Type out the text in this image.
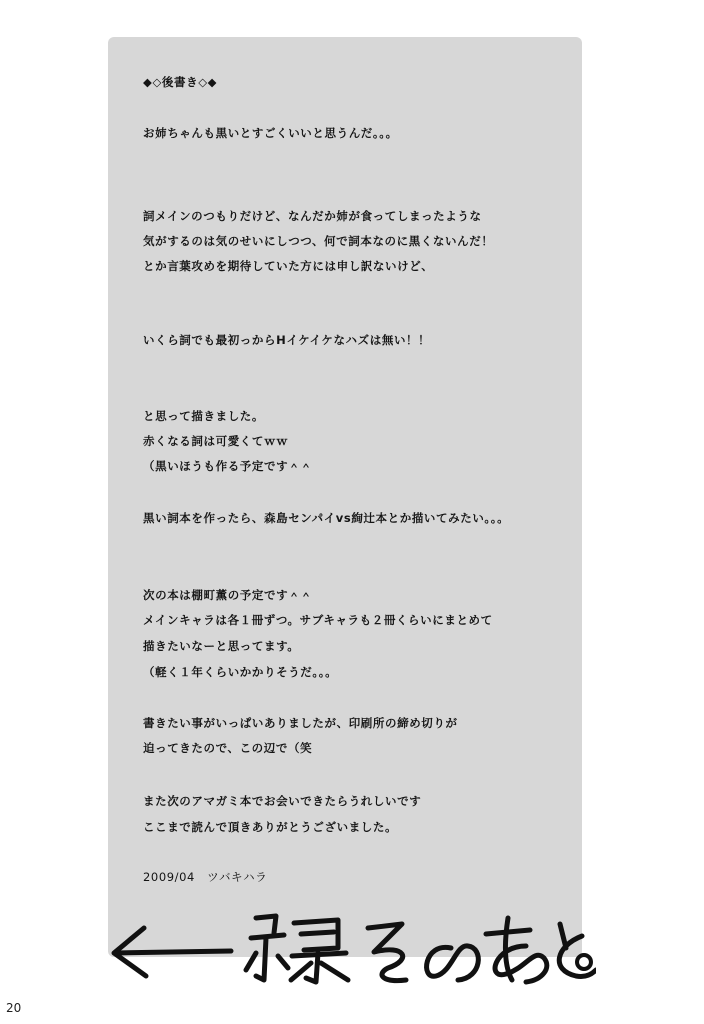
◆◇後書き◇◆
お姉ちゃんも黒いとすごくいいと思うんだ。。。
詞メインのつもりだけど、なんだか姉が食ってしまったような
気がするのは気のせいにしつつ、何で詞本なのに黒くないんだ！
とか言葉攻めを期待していた方には申し訳ないけど、
いくら詞でも最初っからHイケイケなハズは無い！！
と思って描きました。
赤くなる詞は可愛くてｗｗ
（黒いほうも作る予定です＾＾
黒い詞本を作ったら、森島センパイvs絢辻本とか描いてみたい。。。
次の本は棚町薫の予定です＾＾
メインキャラは各１冊ずつ。サブキャラも２冊くらいにまとめて
描きたいなーと思ってます。
（軽く１年くらいかかりそうだ。。。
書きたい事がいっぱいありましたが、印刷所の締め切りが
迫ってきたので、この辺で（笑
また次のアマガミ本でお会いできたらうれしいです
ここまで読んで頂きありがとうございました。
2009/04　ツバキハラ
20
